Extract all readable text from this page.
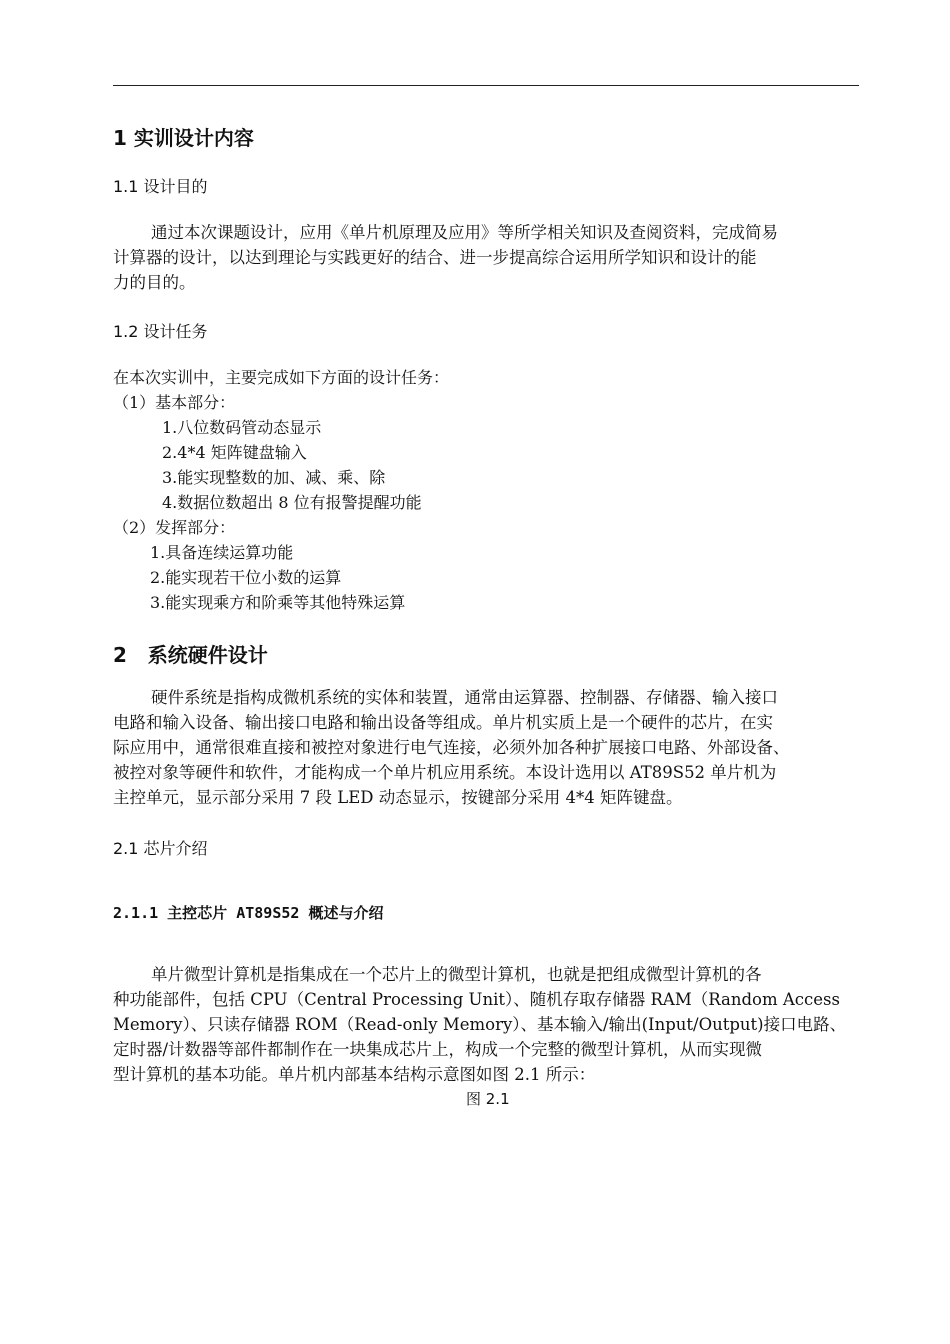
1 实训设计内容
1.1 设计目的
通过本次课题设计，应用《单片机原理及应用》等所学相关知识及查阅资料，完成简易
计算器的设计，以达到理论与实践更好的结合、进一步提高综合运用所学知识和设计的能
力的目的。
1.2 设计任务
在本次实训中，主要完成如下方面的设计任务：
（1）基本部分：
1.八位数码管动态显示
2.4*4 矩阵键盘输入
3.能实现整数的加、减、乘、除
4.数据位数超出 8 位有报警提醒功能
（2）发挥部分：
1.具备连续运算功能
2.能实现若干位小数的运算
3.能实现乘方和阶乘等其他特殊运算
2   系统硬件设计
硬件系统是指构成微机系统的实体和装置，通常由运算器、控制器、存储器、输入接口
电路和输入设备、输出接口电路和输出设备等组成。单片机实质上是一个硬件的芯片，在实
际应用中，通常很难直接和被控对象进行电气连接，必须外加各种扩展接口电路、外部设备、
被控对象等硬件和软件，才能构成一个单片机应用系统。本设计选用以 AT89S52 单片机为
主控单元，显示部分采用 7 段 LED 动态显示，按键部分采用 4*4 矩阵键盘。
2.1 芯片介绍
2.1.1 主控芯片 AT89S52 概述与介绍
单片微型计算机是指集成在一个芯片上的微型计算机，也就是把组成微型计算机的各
种功能部件，包括 CPU（Central Processing Unit）、随机存取存储器 RAM（Random Access
Memory）、只读存储器 ROM（Read-only Memory）、基本输入/输出(Input/Output)接口电路、
定时器/计数器等部件都制作在一块集成芯片上，构成一个完整的微型计算机，从而实现微
型计算机的基本功能。单片机内部基本结构示意图如图 2.1 所示：
图 2.1
